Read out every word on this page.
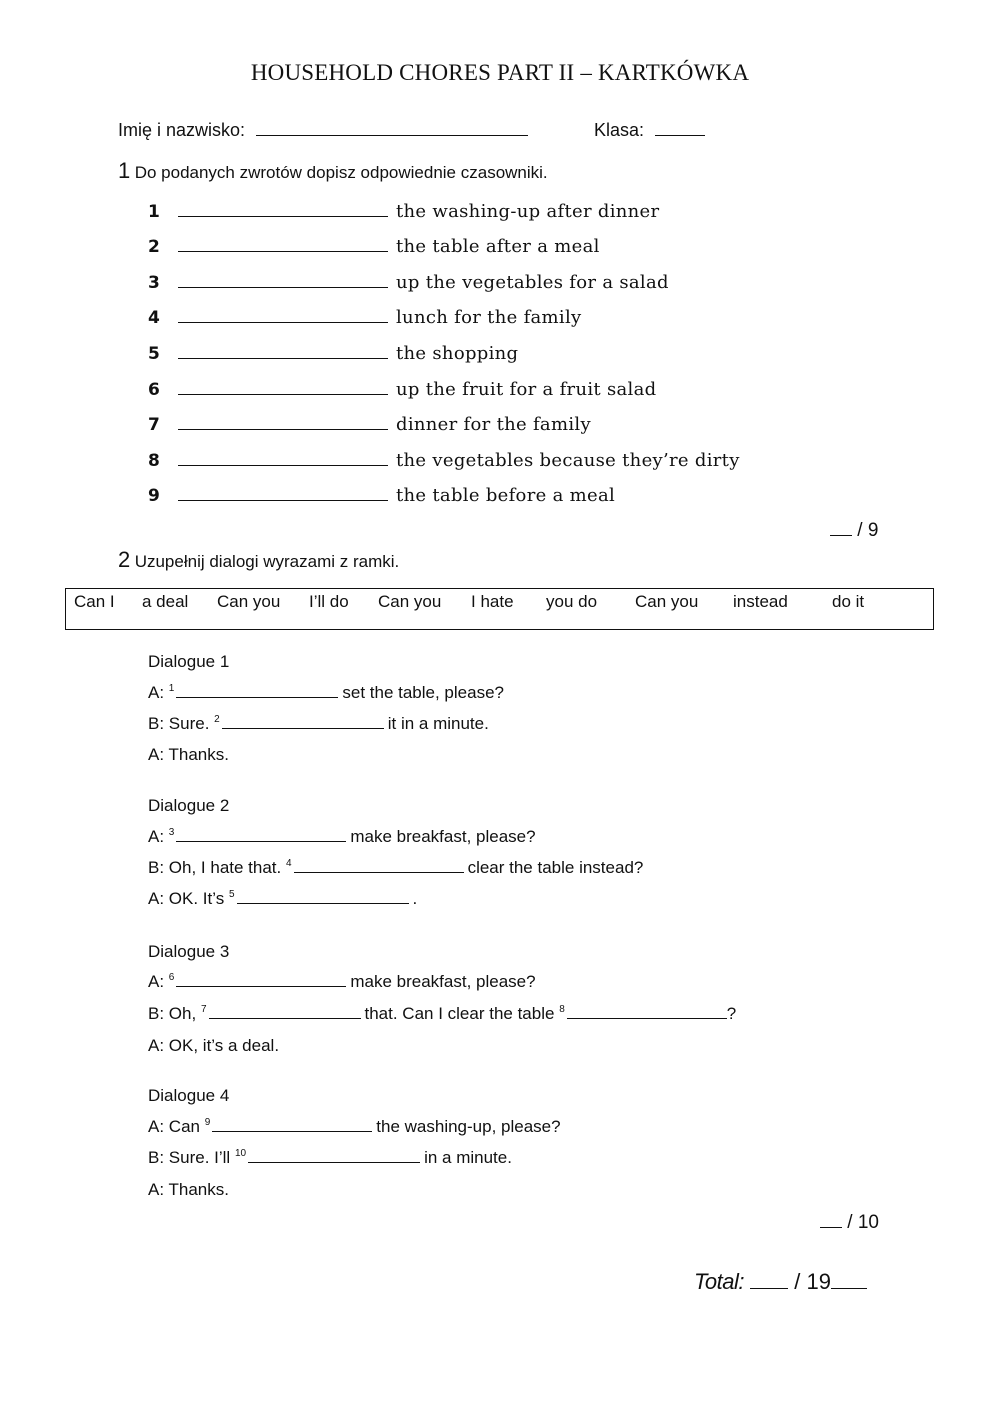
HOUSEHOLD CHORES PART II – KARTKÓWKA
Imię i nazwisko:	Klasa:
1 Do podanych zwrotów dopisz odpowiednie czasowniki.
1	the washing-up after dinner
2	the table after a meal
3	up the vegetables for a salad
4	lunch for the family
5	the shopping
6	up the fruit for a fruit salad
7	dinner for the family
8	the vegetables because they’re dirty
9	the table before a meal
/ 9
2 Uzupełnij dialogi wyrazami z ramki.
Can I a deal Can you I’ll do Can you I hate you do Can you instead	do it
Dialogue 1
A: $^1$	set the table, please?
B: Sure. $^2$	it in a minute.
A: Thanks.
Dialogue 2
A: $^3$	make breakfast, please?
B: Oh, I hate that. $^4$	clear the table instead?
A: OK. It’s $^5$	.
Dialogue 3
A: $^6$	make breakfast, please?
B: Oh, $^7$	that. Can I clear the table $^8$	?
A: OK, it’s a deal.
Dialogue 4
A: Can $^9$	the washing-up, please?
B: Sure. I’ll $^{10}$	in a minute.
A: Thanks.
/ 10
Total: / 19
